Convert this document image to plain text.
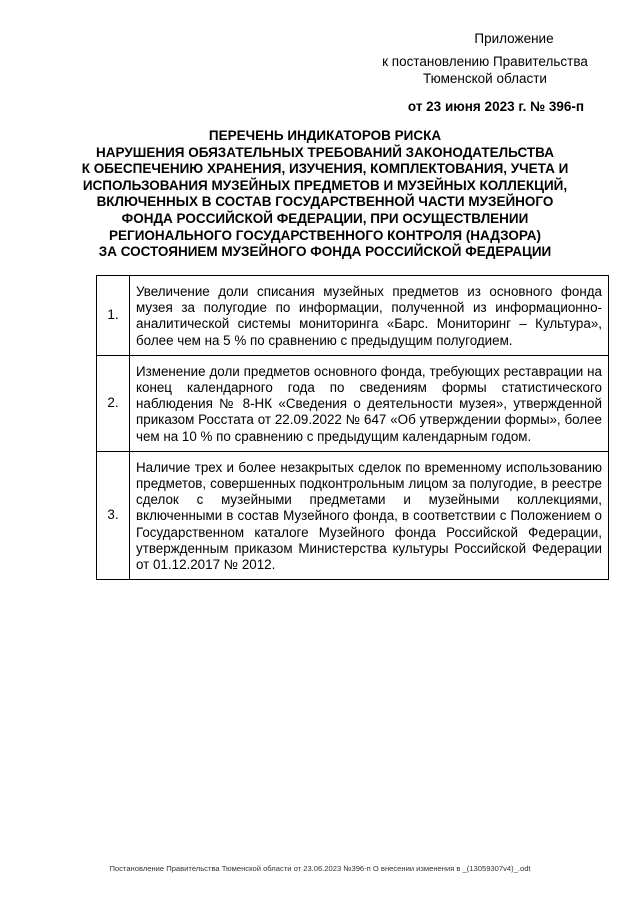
Приложение
к постановлению Правительства
Тюменской области
от 23 июня 2023 г. № 396-п
ПЕРЕЧЕНЬ ИНДИКАТОРОВ РИСКА
НАРУШЕНИЯ ОБЯЗАТЕЛЬНЫХ ТРЕБОВАНИЙ ЗАКОНОДАТЕЛЬСТВА
К ОБЕСПЕЧЕНИЮ ХРАНЕНИЯ, ИЗУЧЕНИЯ, КОМПЛЕКТОВАНИЯ, УЧЕТА И
ИСПОЛЬЗОВАНИЯ МУЗЕЙНЫХ ПРЕДМЕТОВ И МУЗЕЙНЫХ КОЛЛЕКЦИЙ,
ВКЛЮЧЕННЫХ В СОСТАВ ГОСУДАРСТВЕННОЙ ЧАСТИ МУЗЕЙНОГО
ФОНДА РОССИЙСКОЙ ФЕДЕРАЦИИ, ПРИ ОСУЩЕСТВЛЕНИИ
РЕГИОНАЛЬНОГО ГОСУДАРСТВЕННОГО КОНТРОЛЯ (НАДЗОРА)
ЗА СОСТОЯНИЕМ МУЗЕЙНОГО ФОНДА РОССИЙСКОЙ ФЕДЕРАЦИИ
1.	Увеличение доли списания музейных предметов из основного фонда музея за полугодие по информации, полученной из информационно-аналитической системы мониторинга «Барс. Мониторинг – Культура», более чем на 5 % по сравнению с предыдущим полугодием.
2.	Изменение доли предметов основного фонда, требующих реставрации на конец календарного года по сведениям формы статистического наблюдения № 8-НК «Сведения о деятельности музея», утвержденной приказом Росстата от 22.09.2022 № 647 «Об утверждении формы», более чем на 10 % по сравнению с предыдущим календарным годом.
3.	Наличие трех и более незакрытых сделок по временному использованию предметов, совершенных подконтрольным лицом за полугодие, в реестре сделок с музейными предметами и музейными коллекциями, включенными в состав Музейного фонда, в соответствии с Положением о Государственном каталоге Музейного фонда Российской Федерации, утвержденным приказом Министерства культуры Российской Федерации от 01.12.2017 № 2012.
Постановление Правительства Тюменской области от 23.06.2023 №396-п О внесении изменения в _(13059307v4)_.odt
